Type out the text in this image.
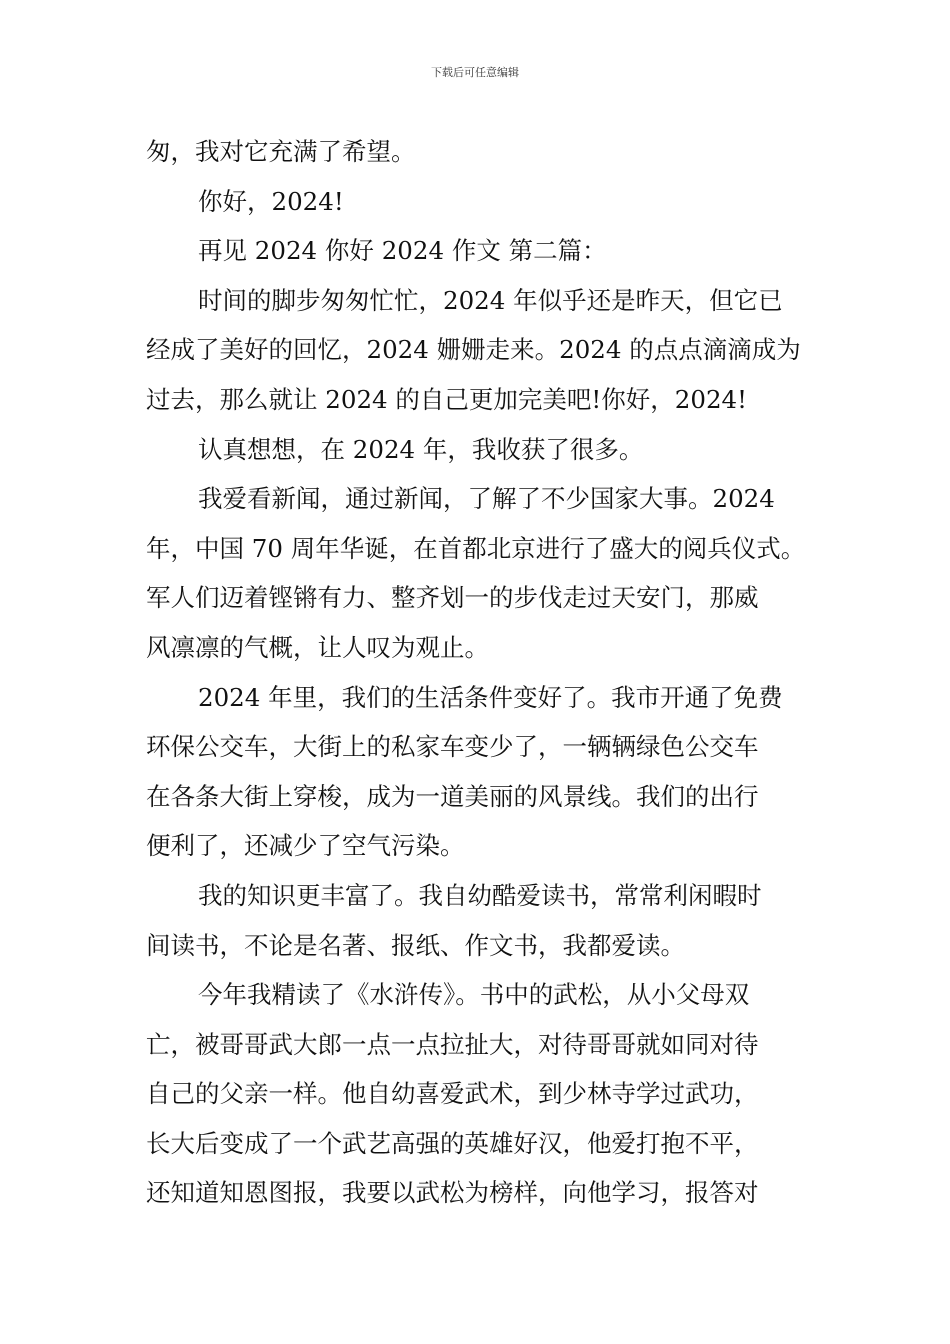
下载后可任意编辑
匆，我对它充满了希望。
你好，2024!
再见 2024 你好 2024 作文 第二篇：
时间的脚步匆匆忙忙，2024 年似乎还是昨天，但它已
经成了美好的回忆，2024 姗姗走来。2024 的点点滴滴成为
过去，那么就让 2024 的自己更加完美吧!你好，2024!
认真想想，在 2024 年，我收获了很多。
我爱看新闻，通过新闻，了解了不少国家大事。2024
年，中国 70 周年华诞，在首都北京进行了盛大的阅兵仪式。
军人们迈着铿锵有力、整齐划一的步伐走过天安门，那威
风凛凛的气概，让人叹为观止。
2024 年里，我们的生活条件变好了。我市开通了免费
环保公交车，大街上的私家车变少了，一辆辆绿色公交车
在各条大街上穿梭，成为一道美丽的风景线。我们的出行
便利了，还减少了空气污染。
我的知识更丰富了。我自幼酷爱读书，常常利闲暇时
间读书，不论是名著、报纸、作文书，我都爱读。
今年我精读了《水浒传》。书中的武松，从小父母双
亡，被哥哥武大郎一点一点拉扯大，对待哥哥就如同对待
自己的父亲一样。他自幼喜爱武术，到少林寺学过武功，
长大后变成了一个武艺高强的英雄好汉，他爱打抱不平，
还知道知恩图报，我要以武松为榜样，向他学习，报答对
